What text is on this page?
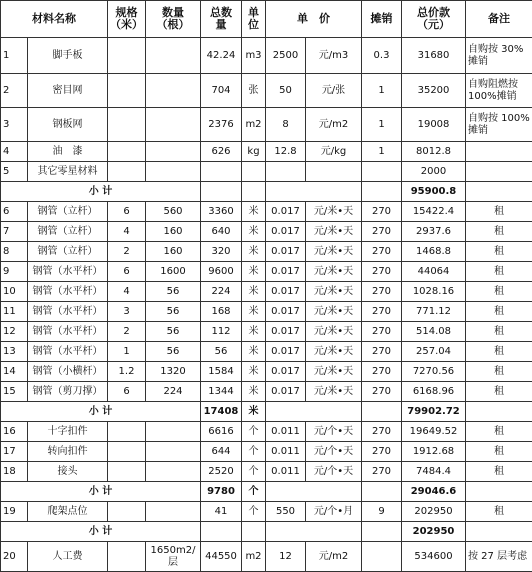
材料名称		规格
（米）	数量
（根）	总数
量	单
位	单　价		摊销	总价款
（元）	备注
1	脚手板			42.24	m3	2500	元/m3	0.3	31680	自购按 30%摊销
2	密目网			704	张	50	元/张	1	35200	自购阻燃按 100%摊销
3	钢板网			2376	m2	8	元/m2	1	19008	自购按 100%摊销
4	油　漆			626	kg	12.8	元/kg	1	8012.8	
5	其它零星材料								2000	
小 计									95900.8	
6	钢管（立杆）	6	560	3360	米	0.017	元/米•天	270	15422.4	租
7	钢管（立杆）	4	160	640	米	0.017	元/米•天	270	2937.6	租
8	钢管（立杆）	2	160	320	米	0.017	元/米•天	270	1468.8	租
9	钢管（水平杆）	6	1600	9600	米	0.017	元/米•天	270	44064	租
10	钢管（水平杆）	4	56	224	米	0.017	元/米•天	270	1028.16	租
11	钢管（水平杆）	3	56	168	米	0.017	元/米•天	270	771.12	租
12	钢管（水平杆）	2	56	112	米	0.017	元/米•天	270	514.08	租
13	钢管（水平杆）	1	56	56	米	0.017	元/米•天	270	257.04	租
14	钢管（小横杆）	1.2	1320	1584	米	0.017	元/米•天	270	7270.56	租
15	钢管（剪刀撑）	6	224	1344	米	0.017	元/米•天	270	6168.96	租
小 计				17408	米				79902.72	
16	十字扣件			6616	个	0.011	元/个•天	270	19649.52	租
17	转向扣件			644	个	0.011	元/个•天	270	1912.68	租
18	接头			2520	个	0.011	元/个•天	270	7484.4	租
小 计				9780	个				29046.6	
19	爬架点位			41	个	550	元/个•月	9	202950	租
小 计									202950	
20	人工费		1650m2/层	44550	m2	12	元/m2		534600	按 27 层考虑
